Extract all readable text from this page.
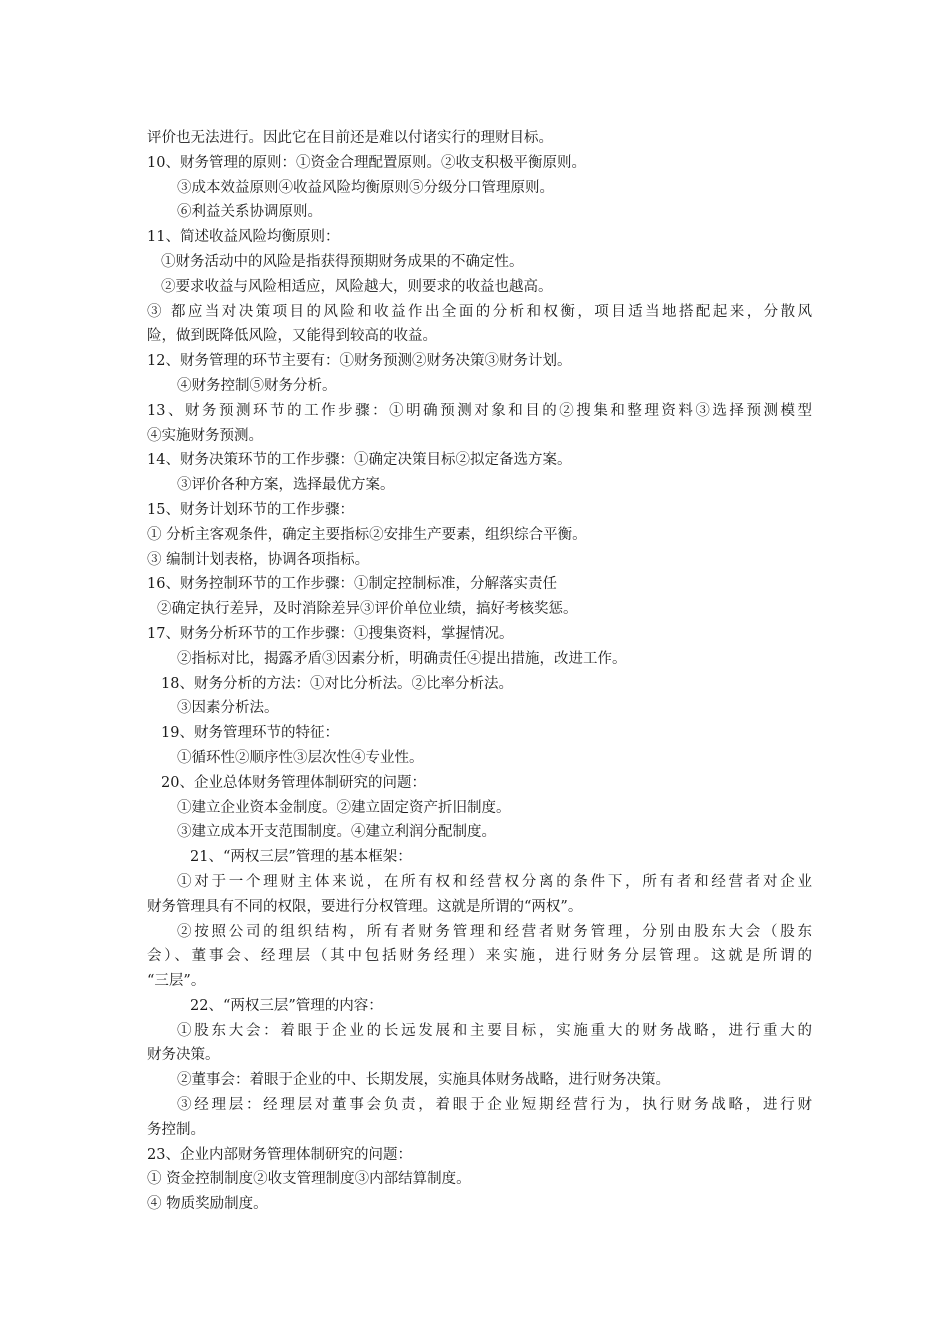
评价也无法进行。因此它在目前还是难以付诸实行的理财目标。
10、财务管理的原则：①资金合理配置原则。②收支积极平衡原则。
③成本效益原则④收益风险均衡原则⑤分级分口管理原则。
⑥利益关系协调原则。
11、简述收益风险均衡原则：
①财务活动中的风险是指获得预期财务成果的不确定性。
②要求收益与风险相适应，风险越大，则要求的收益也越高。
③ 都应当对决策项目的风险和收益作出全面的分析和权衡，项目适当地搭配起来，分散风
险，做到既降低风险，又能得到较高的收益。
12、财务管理的环节主要有：①财务预测②财务决策③财务计划。
④财务控制⑤财务分析。
13、财务预测环节的工作步骤：①明确预测对象和目的②搜集和整理资料③选择预测模型
④实施财务预测。
14、财务决策环节的工作步骤：①确定决策目标②拟定备选方案。
③评价各种方案，选择最优方案。
15、财务计划环节的工作步骤：
① 分析主客观条件，确定主要指标②安排生产要素，组织综合平衡。
③ 编制计划表格，协调各项指标。
16、财务控制环节的工作步骤：①制定控制标准，分解落实责任
②确定执行差异，及时消除差异③评价单位业绩，搞好考核奖惩。
17、财务分析环节的工作步骤：①搜集资料，掌握情况。
②指标对比，揭露矛盾③因素分析，明确责任④提出措施，改进工作。
18、财务分析的方法：①对比分析法。②比率分析法。
③因素分析法。
19、财务管理环节的特征：
①循环性②顺序性③层次性④专业性。
20、企业总体财务管理体制研究的问题：
①建立企业资本金制度。②建立固定资产折旧制度。
③建立成本开支范围制度。④建立利润分配制度。
21、“两权三层”管理的基本框架：
①对于一个理财主体来说，在所有权和经营权分离的条件下，所有者和经营者对企业
财务管理具有不同的权限，要进行分权管理。这就是所谓的“两权”。
②按照公司的组织结构，所有者财务管理和经营者财务管理，分别由股东大会（股东
会）、董事会、经理层（其中包括财务经理）来实施，进行财务分层管理。这就是所谓的
“三层”。
22、“两权三层”管理的内容：
①股东大会：着眼于企业的长远发展和主要目标，实施重大的财务战略，进行重大的
财务决策。
②董事会：着眼于企业的中、长期发展，实施具体财务战略，进行财务决策。
③经理层：经理层对董事会负责，着眼于企业短期经营行为，执行财务战略，进行财
务控制。
23、企业内部财务管理体制研究的问题：
① 资金控制制度②收支管理制度③内部结算制度。
④ 物质奖励制度。
